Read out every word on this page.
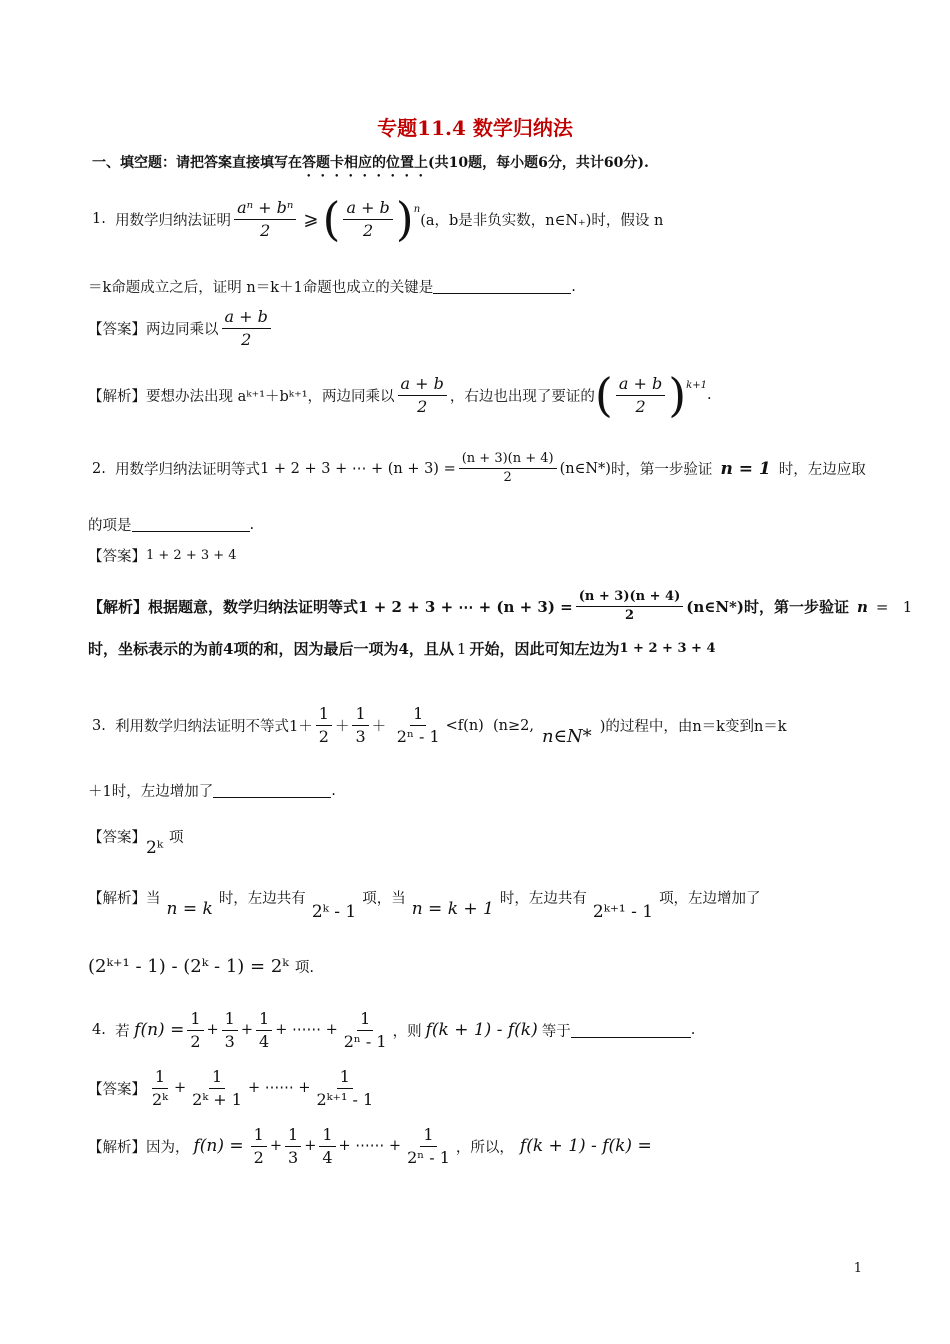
专题11.4 数学归纳法
一、填空题：请把答案直接填写在答题卡相应的位置上(共10题，每小题6分，共计60分).
1.
用数学归纳法证明 $\frac{\text{aⁿ + bⁿ}}{2}$ ⩾ ( $\frac{a + b}{2}$ ) n
(a，b是非负实数，n∈N₊)时，假设 n
＝k命题成立之后，证明 n＝k＋1命题也成立的关键是	.
【答案】 两边同乘以 $\frac{a + b}{2}$
【解析】 要想办法出现 aᵏ⁺¹＋bᵏ⁺¹，两边同乘以 $\frac{a + b}{2}$ ，右边也出现了要证的 ( $\frac{a + b}{2}$ ) k+1
.
2.
用数学归纳法证明等式 1 + 2 + 3 + ⋯ + $(n + 3) = \frac{(n + 3)(n + 4)}{2}$ (n∈N*) 时，第一步验证 n = 1 时，左边应取
的项是	.
【答案】 1 + 2 + 3 + 4
【解析】 根据题意，数学归纳法证明等式 1 + 2 + 3 + ⋯ + $(n + 3) = \frac{(n + 3)(n + 4)}{2}$ (n∈N*) 时，第一步验证 n =   1
时，坐标表示的为前 4 项的和，因为最后一项为 4 ，且从 1 开始，因此可知左边为 1 + 2 + 3 + 4
3.
利用数学归纳法证明不等式 $1+ \frac{1}{2} + \frac{1}{3}$ ＋
$\frac{1}{\text{2ⁿ - 1}} <f(n)$  (n≥2,
n∈N* )的过程中，由n＝k变到n＝k
＋1时，左边增加了	.
【答案】
2ᵏ
项
【解析】 当
n = k
时，左边共有
2ᵏ - 1
项，当
n = k + 1
时，左边共有
2ᵏ⁺¹ - 1
项，左边增加了
(2ᵏ⁺¹ - 1) - (2ᵏ - 1) = 2ᵏ 项.
4.
若
$f(n) = \frac{1}{2} + \frac{1}{3} + \frac{1}{4}$ + ⋯⋯ + $\frac{1}{\text{2ⁿ - 1}}$ ，则 f(k + 1) - f(k) 等于	.
【答案】 $\frac{1}{\text{2ᵏ}} + \frac{1}{\text{2ᵏ + 1}}$ + ⋯⋯ + $\frac{1}{\text{2ᵏ⁺¹ - 1}}$
【解析】 因为， $f(n) = \frac{1}{2} + \frac{1}{3} + \frac{1}{4}$ + ⋯⋯ + $\frac{1}{\text{2ⁿ - 1}}$ ，所以， f(k + 1) - f(k) =
1
